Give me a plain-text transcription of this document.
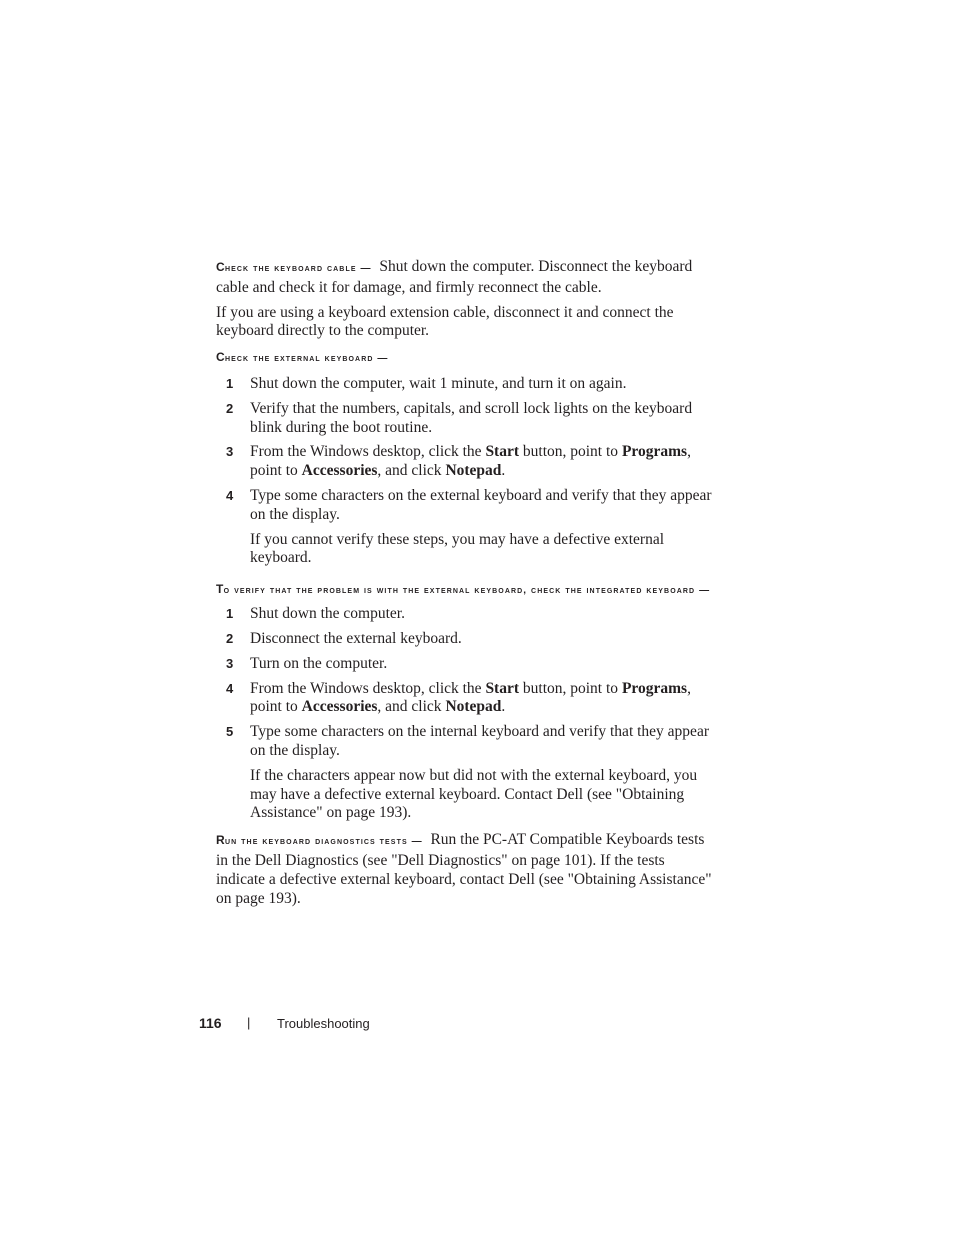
Check the keyboard cable — Shut down the computer. Disconnect the keyboard cable and check it for damage, and firmly reconnect the cable.

If you are using a keyboard extension cable, disconnect it and connect the keyboard directly to the computer.

Check the external keyboard —

1 Shut down the computer, wait 1 minute, and turn it on again.
2 Verify that the numbers, capitals, and scroll lock lights on the keyboard blink during the boot routine.
3 From the Windows desktop, click the Start button, point to Programs, point to Accessories, and click Notepad.
4 Type some characters on the external keyboard and verify that they appear on the display.

If you cannot verify these steps, you may have a defective external keyboard.

To verify that the problem is with the external keyboard, check the integrated keyboard —

1 Shut down the computer.
2 Disconnect the external keyboard.
3 Turn on the computer.
4 From the Windows desktop, click the Start button, point to Programs, point to Accessories, and click Notepad.
5 Type some characters on the internal keyboard and verify that they appear on the display.

If the characters appear now but did not with the external keyboard, you may have a defective external keyboard. Contact Dell (see "Obtaining Assistance" on page 193).

Run the keyboard diagnostics tests — Run the PC-AT Compatible Keyboards tests in the Dell Diagnostics (see "Dell Diagnostics" on page 101). If the tests indicate a defective external keyboard, contact Dell (see "Obtaining Assistance" on page 193).

116 | Troubleshooting
